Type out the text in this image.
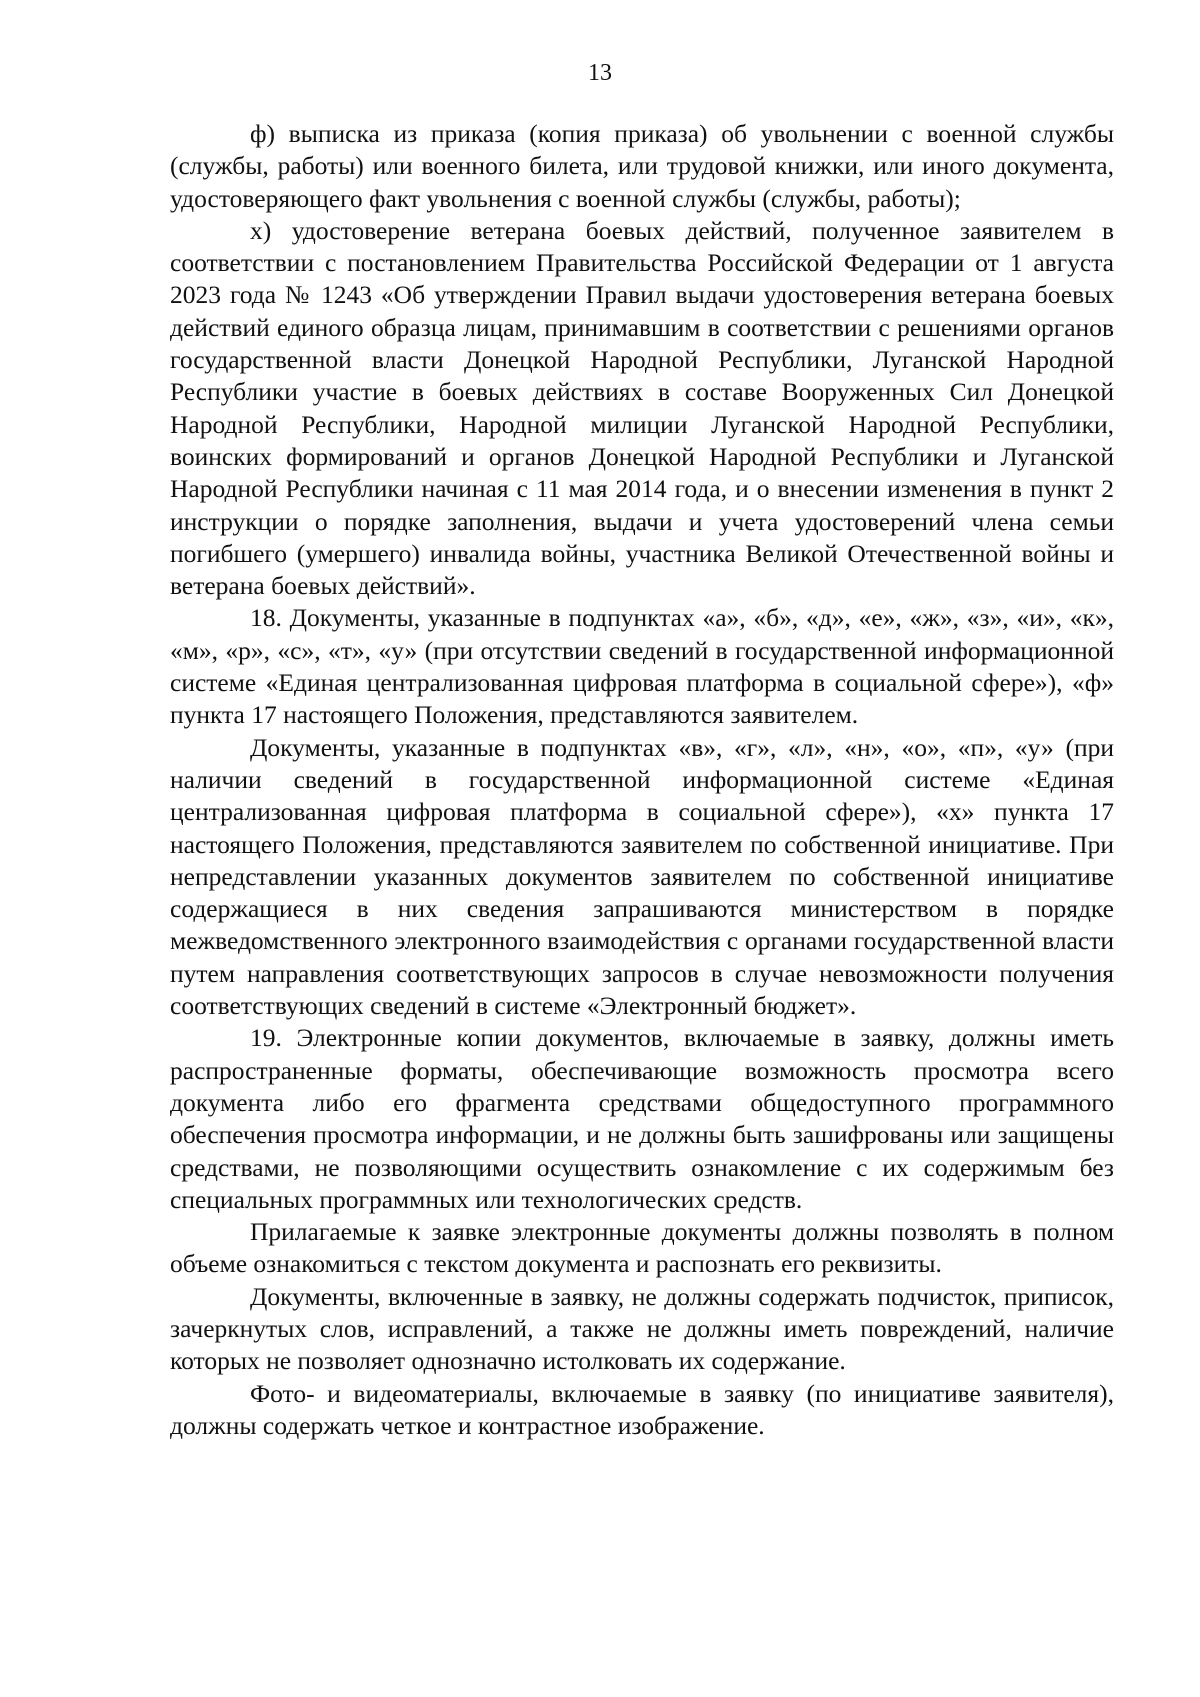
13

ф) выписка из приказа (копия приказа) об увольнении с военной службы (службы, работы) или военного билета, или трудовой книжки, или иного документа, удостоверяющего факт увольнения с военной службы (службы, работы);

х) удостоверение ветерана боевых действий, полученное заявителем в соответствии с постановлением Правительства Российской Федерации от 1 августа 2023 года № 1243 «Об утверждении Правил выдачи удостоверения ветерана боевых действий единого образца лицам, принимавшим в соответствии с решениями органов государственной власти Донецкой Народной Республики, Луганской Народной Республики участие в боевых действиях в составе Вооруженных Сил Донецкой Народной Республики, Народной милиции Луганской Народной Республики, воинских формирований и органов Донецкой Народной Республики и Луганской Народной Республики начиная с 11 мая 2014 года, и о внесении изменения в пункт 2 инструкции о порядке заполнения, выдачи и учета удостоверений члена семьи погибшего (умершего) инвалида войны, участника Великой Отечественной войны и ветерана боевых действий».

18. Документы, указанные в подпунктах «а», «б», «д», «е», «ж», «з», «и», «к», «м», «р», «с», «т», «у» (при отсутствии сведений в государственной информационной системе «Единая централизованная цифровая платформа в социальной сфере»), «ф» пункта 17 настоящего Положения, представляются заявителем.

Документы, указанные в подпунктах «в», «г», «л», «н», «о», «п», «у» (при наличии сведений в государственной информационной системе «Единая централизованная цифровая платформа в социальной сфере»), «х» пункта 17 настоящего Положения, представляются заявителем по собственной инициативе. При непредставлении указанных документов заявителем по собственной инициативе содержащиеся в них сведения запрашиваются министерством в порядке межведомственного электронного взаимодействия с органами государственной власти путем направления соответствующих запросов в случае невозможности получения соответствующих сведений в системе «Электронный бюджет».

19. Электронные копии документов, включаемые в заявку, должны иметь распространенные форматы, обеспечивающие возможность просмотра всего документа либо его фрагмента средствами общедоступного программного обеспечения просмотра информации, и не должны быть зашифрованы или защищены средствами, не позволяющими осуществить ознакомление с их содержимым без специальных программных или технологических средств.

Прилагаемые к заявке электронные документы должны позволять в полном объеме ознакомиться с текстом документа и распознать его реквизиты.

Документы, включенные в заявку, не должны содержать подчисток, приписок, зачеркнутых слов, исправлений, а также не должны иметь повреждений, наличие которых не позволяет однозначно истолковать их содержание.

Фото- и видеоматериалы, включаемые в заявку (по инициативе заявителя), должны содержать четкое и контрастное изображение.
